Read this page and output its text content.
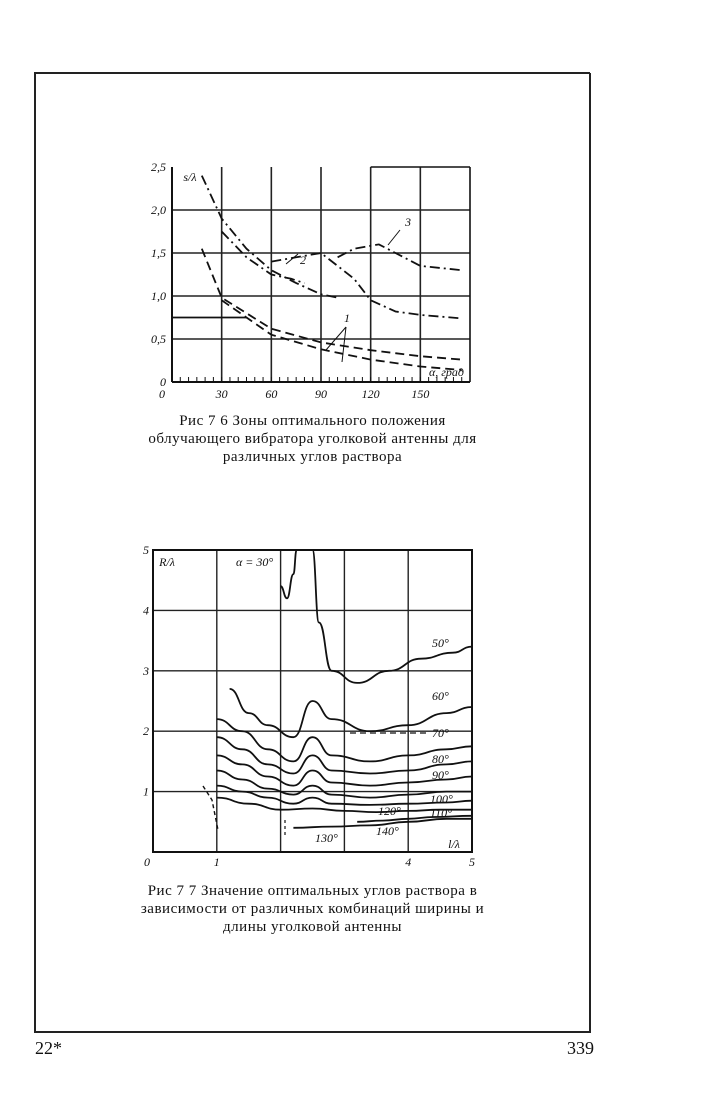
0	30	60	90	120	150
0
0,5
1,0
1,5
2,0
2,5
s/λ
α, град
2
3
1
Рис 7 6 Зоны оптимального положения облучающего вибратора уголковой антенны для различных углов раствора
0	1	4	5
1
2
3
4
5
R/λ
l/λ
α = 30°
50°
60°
70°
80°
90°
100°
110°
120°
130°	140°
Рис 7 7 Значение оптимальных углов раствора в зависимости от различных комбинаций ширины и длины уголковой антенны
22*	339
